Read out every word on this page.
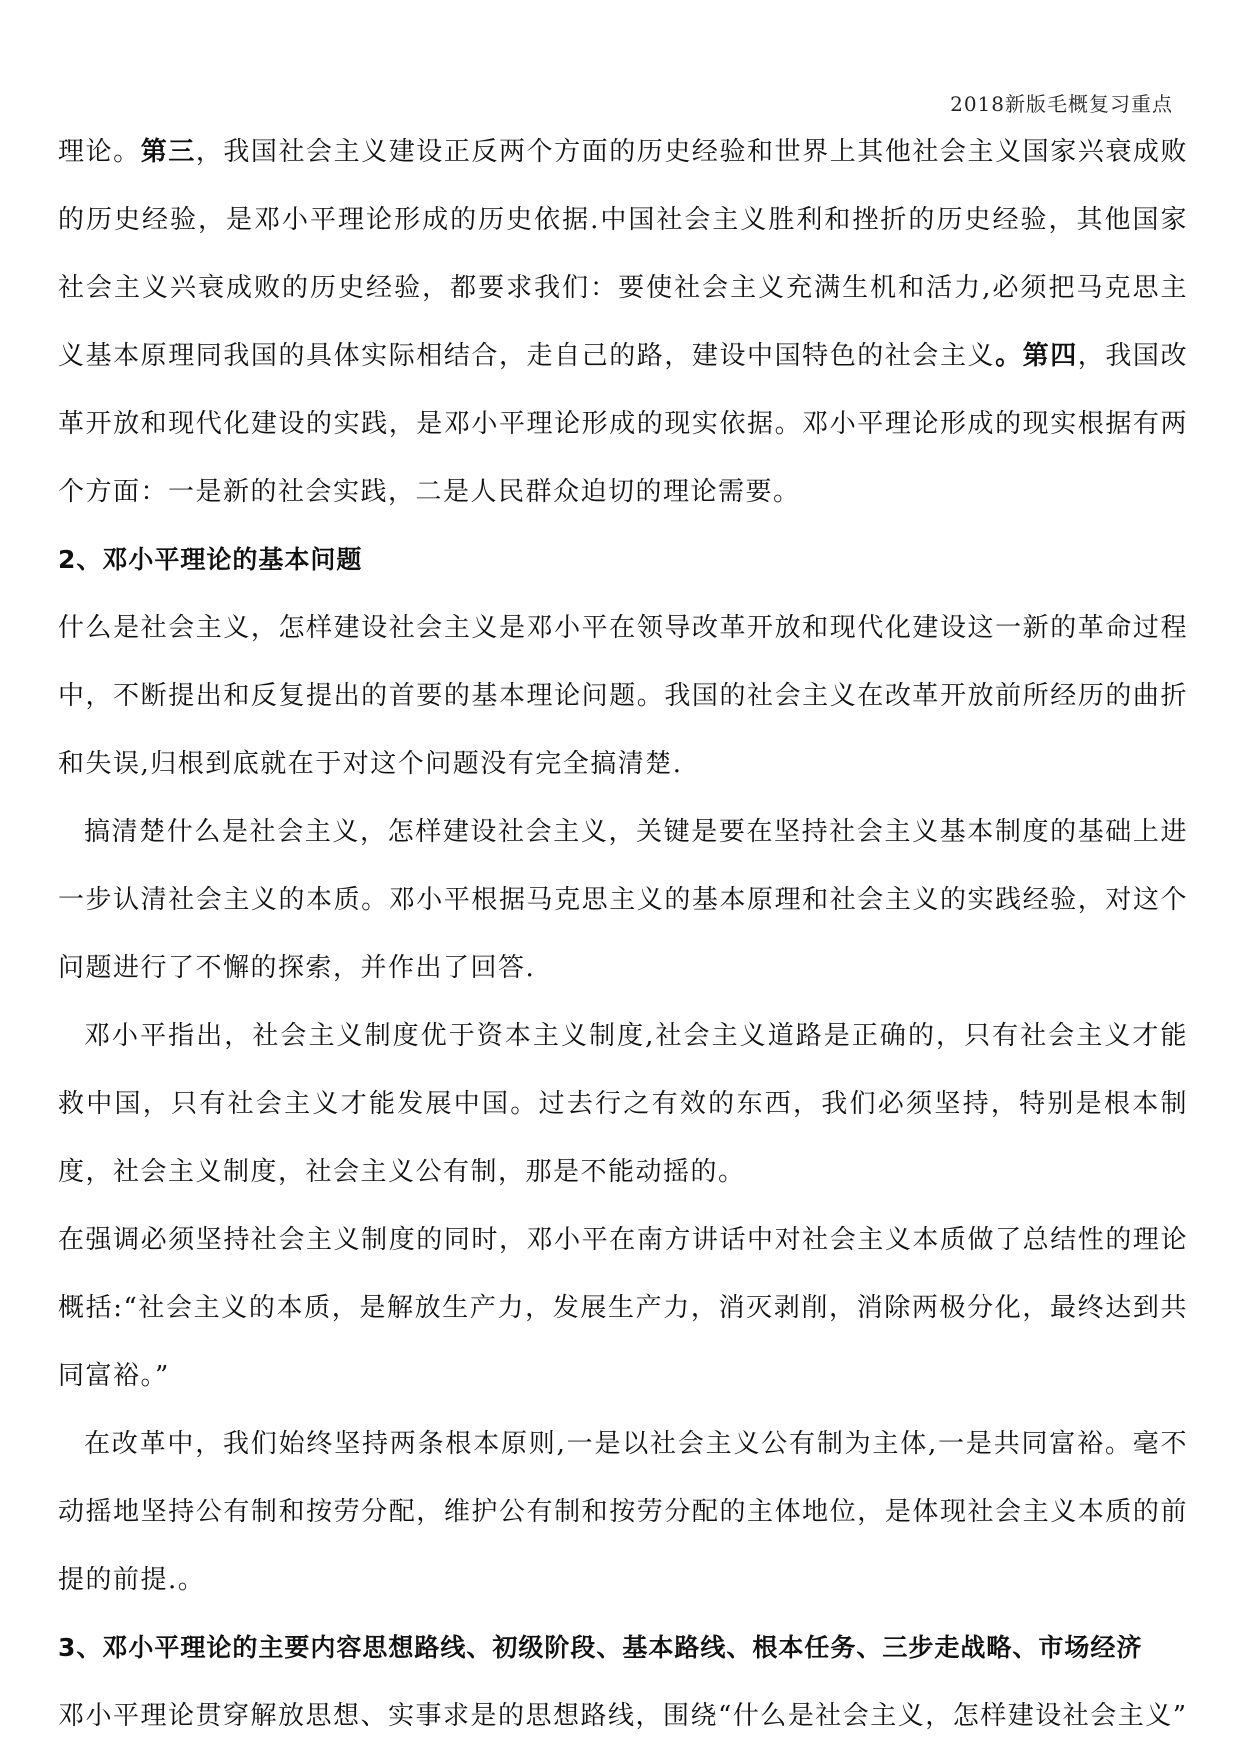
2018新版毛概复习重点

理论。第三，我国社会主义建设正反两个方面的历史经验和世界上其他社会主义国家兴衰成败的历史经验，是邓小平理论形成的历史依据.中国社会主义胜利和挫折的历史经验，其他国家社会主义兴衰成败的历史经验，都要求我们：要使社会主义充满生机和活力,必须把马克思主义基本原理同我国的具体实际相结合，走自己的路，建设中国特色的社会主义。第四，我国改革开放和现代化建设的实践，是邓小平理论形成的现实依据。邓小平理论形成的现实根据有两个方面：一是新的社会实践，二是人民群众迫切的理论需要。

2、邓小平理论的基本问题

什么是社会主义，怎样建设社会主义是邓小平在领导改革开放和现代化建设这一新的革命过程中，不断提出和反复提出的首要的基本理论问题。我国的社会主义在改革开放前所经历的曲折和失误,归根到底就在于对这个问题没有完全搞清楚.

搞清楚什么是社会主义，怎样建设社会主义，关键是要在坚持社会主义基本制度的基础上进一步认清社会主义的本质。邓小平根据马克思主义的基本原理和社会主义的实践经验，对这个问题进行了不懈的探索，并作出了回答.

邓小平指出，社会主义制度优于资本主义制度,社会主义道路是正确的，只有社会主义才能救中国，只有社会主义才能发展中国。过去行之有效的东西，我们必须坚持，特别是根本制度，社会主义制度，社会主义公有制，那是不能动摇的。

在强调必须坚持社会主义制度的同时，邓小平在南方讲话中对社会主义本质做了总结性的理论概括:“社会主义的本质，是解放生产力，发展生产力，消灭剥削，消除两极分化，最终达到共同富裕。”

在改革中，我们始终坚持两条根本原则,一是以社会主义公有制为主体,一是共同富裕。毫不动摇地坚持公有制和按劳分配，维护公有制和按劳分配的主体地位，是体现社会主义本质的前提的前提.。

3、邓小平理论的主要内容思想路线、初级阶段、基本路线、根本任务、三步走战略、市场经济

邓小平理论贯穿解放思想、实事求是的思想路线，围绕“什么是社会主义，怎样建设社会主义”
